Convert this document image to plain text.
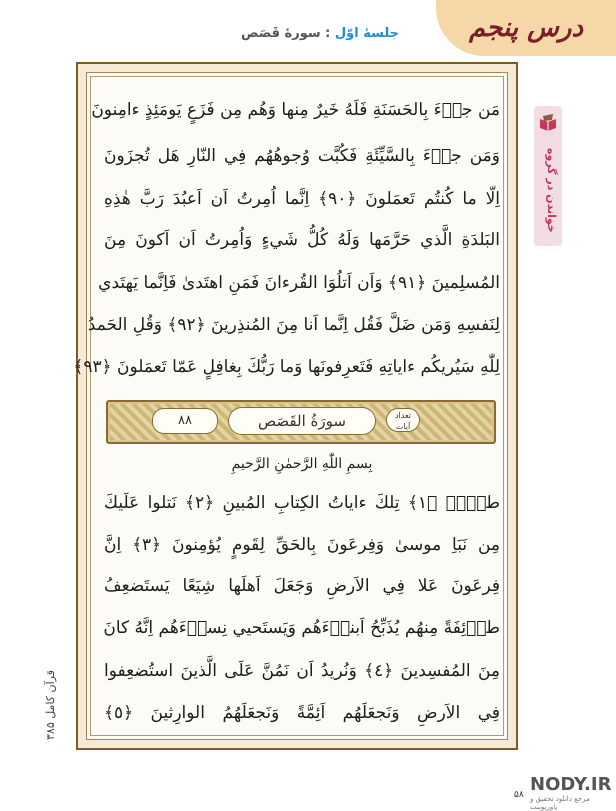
درس پنجم
جلسهٔ اوّل : سورهٔ قَصَص
خواندن در گروه
مَن جاۤءَ بِالحَسَنَةِ فَلَهُ خَيرٌ مِنها وَهُم مِن فَزَعٍ يَومَئِذٍ ءامِنونَ
وَمَن جاۤءَ بِالسَّيِّئَةِ فَكُبَّت وُجوهُهُم فِي النّارِ هَل تُجزَونَ
اِلّا ما كُنتُم تَعمَلونَ ﴿٩٠﴾ اِنَّما اُمِرتُ اَن اَعبُدَ رَبَّ هٰذِهِ
البَلدَةِ الَّذي حَرَّمَها وَلَهُ كُلُّ شَيءٍ وَاُمِرتُ اَن اَكونَ مِنَ
المُسلِمينَ ﴿٩١﴾ وَاَن اَتلُوَا القُرءانَ فَمَنِ اهتَدىٰ فَاِنَّما يَهتَدي
لِنَفسِهِ وَمَن ضَلَّ فَقُل اِنَّما اَنا مِنَ المُنذِرينَ ﴿٩٢﴾ وَقُلِ الحَمدُ
لِلّٰهِ سَيُريكُم ءاياتِهِ فَتَعرِفونَها وَما رَبُّكَ بِغافِلٍ عَمّا تَعمَلونَ ﴿٩٣﴾
۸۸	سورَةُ القَصَص	تعداد آیات
بِسمِ اللّٰهِ الرَّحمٰنِ الرَّحيمِ
طسۤمۤ ﴿١﴾ تِلكَ ءاياتُ الكِتابِ المُبينِ ﴿٢﴾ نَتلوا عَلَيكَ
مِن نَبَاِ موسىٰ وَفِرعَونَ بِالحَقِّ لِقَومٍ يُؤمِنونَ ﴿٣﴾ اِنَّ
فِرعَونَ عَلا فِي الاَرضِ وَجَعَلَ اَهلَها شِيَعًا يَستَضعِفُ
طاۤئِفَةً مِنهُم يُذَبِّحُ اَبناۤءَهُم وَيَستَحيي نِساۤءَهُم اِنَّهُ كانَ
مِنَ المُفسِدينَ ﴿٤﴾ وَنُريدُ اَن نَمُنَّ عَلَى الَّذينَ استُضعِفوا
فِي الاَرضِ وَنَجعَلَهُم اَئِمَّةً وَنَجعَلَهُمُ الوارِثينَ ﴿٥﴾
قرآن کامل ۳۸۵
۵۸ NODY.IR
مرجع دانلود تحقیق و پاورپوینت
